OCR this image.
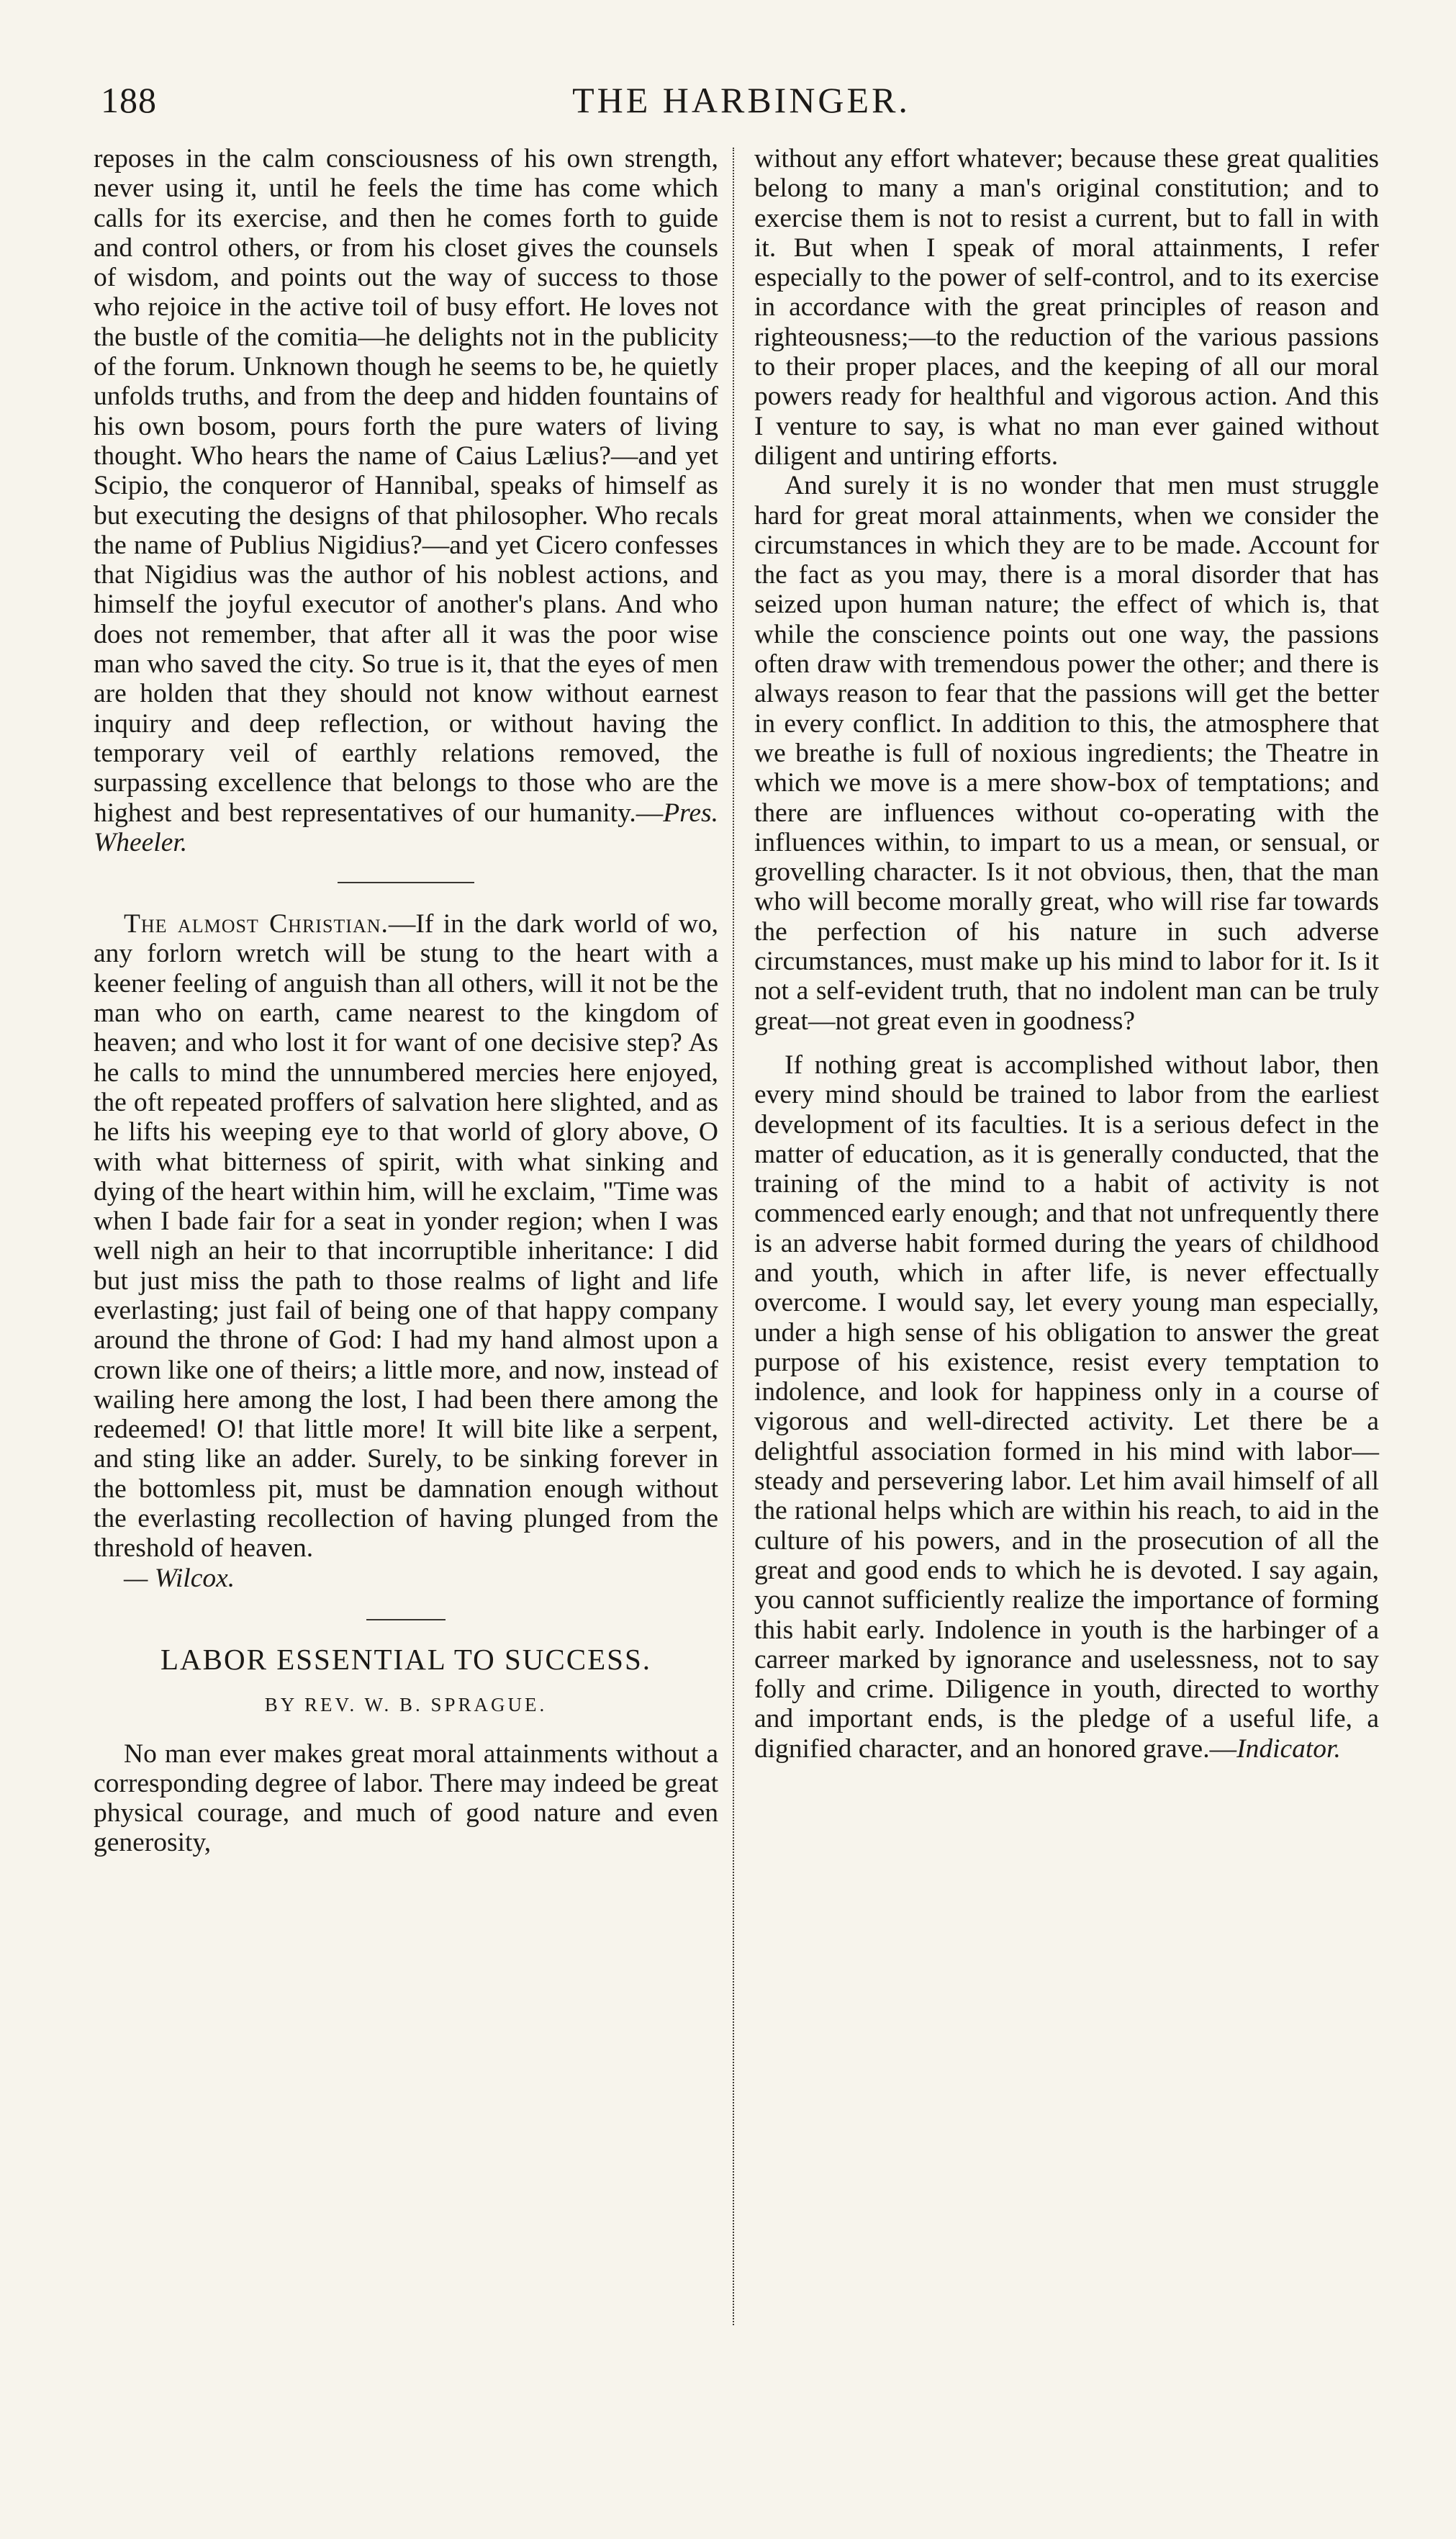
188	THE HARBINGER.

reposes in the calm consciousness of his own strength, never using it, until he feels the time has come which calls for its exercise, and then he comes forth to guide and control others, or from his closet gives the counsels of wisdom, and points out the way of success to those who rejoice in the active toil of busy effort. He loves not the bustle of the comitia—he delights not in the publicity of the forum. Unknown though he seems to be, he quietly unfolds truths, and from the deep and hidden fountains of his own bosom, pours forth the pure waters of living thought. Who hears the name of Caius Lælius?—and yet Scipio, the conqueror of Hannibal, speaks of himself as but executing the designs of that philosopher. Who recals the name of Publius Nigidius?—and yet Cicero confesses that Nigidius was the author of his noblest actions, and himself the joyful executor of another's plans. And who does not remember, that after all it was the poor wise man who saved the city. So true is it, that the eyes of men are holden that they should not know without earnest inquiry and deep reflection, or without having the temporary veil of earthly relations removed, the surpassing excellence that belongs to those who are the highest and best representatives of our humanity.—Pres. Wheeler.

The almost Christian.—If in the dark world of wo, any forlorn wretch will be stung to the heart with a keener feeling of anguish than all others, will it not be the man who on earth, came nearest to the kingdom of heaven; and who lost it for want of one decisive step? As he calls to mind the unnumbered mercies here enjoyed, the oft repeated proffers of salvation here slighted, and as he lifts his weeping eye to that world of glory above, O with what bitterness of spirit, with what sinking and dying of the heart within him, will he exclaim, "Time was when I bade fair for a seat in yonder region; when I was well nigh an heir to that incorruptible inheritance: I did but just miss the path to those realms of light and life everlasting; just fail of being one of that happy company around the throne of God: I had my hand almost upon a crown like one of theirs; a little more, and now, instead of wailing here among the lost, I had been there among the redeemed! O! that little more! It will bite like a serpent, and sting like an adder. Surely, to be sinking forever in the bottomless pit, must be damnation enough without the everlasting recollection of having plunged from the threshold of heaven.

— Wilcox.

LABOR ESSENTIAL TO SUCCESS.
BY REV. W. B. SPRAGUE.

No man ever makes great moral attainments without a corresponding degree of labor. There may indeed be great physical courage, and much of good nature and even generosity,

without any effort whatever; because these great qualities belong to many a man's original constitution; and to exercise them is not to resist a current, but to fall in with it. But when I speak of moral attainments, I refer especially to the power of self-control, and to its exercise in accordance with the great principles of reason and righteousness;—to the reduction of the various passions to their proper places, and the keeping of all our moral powers ready for healthful and vigorous action. And this I venture to say, is what no man ever gained without diligent and untiring efforts.

And surely it is no wonder that men must struggle hard for great moral attainments, when we consider the circumstances in which they are to be made. Account for the fact as you may, there is a moral disorder that has seized upon human nature; the effect of which is, that while the conscience points out one way, the passions often draw with tremendous power the other; and there is always reason to fear that the passions will get the better in every conflict. In addition to this, the atmosphere that we breathe is full of noxious ingredients; the Theatre in which we move is a mere show-box of temptations; and there are influences without co-operating with the influences within, to impart to us a mean, or sensual, or grovelling character. Is it not obvious, then, that the man who will become morally great, who will rise far towards the perfection of his nature in such adverse circumstances, must make up his mind to labor for it. Is it not a self-evident truth, that no indolent man can be truly great—not great even in goodness?

If nothing great is accomplished without labor, then every mind should be trained to labor from the earliest development of its faculties. It is a serious defect in the matter of education, as it is generally conducted, that the training of the mind to a habit of activity is not commenced early enough; and that not unfrequently there is an adverse habit formed during the years of childhood and youth, which in after life, is never effectually overcome. I would say, let every young man especially, under a high sense of his obligation to answer the great purpose of his existence, resist every temptation to indolence, and look for happiness only in a course of vigorous and well-directed activity. Let there be a delightful association formed in his mind with labor—steady and persevering labor. Let him avail himself of all the rational helps which are within his reach, to aid in the culture of his powers, and in the prosecution of all the great and good ends to which he is devoted. I say again, you cannot sufficiently realize the importance of forming this habit early. Indolence in youth is the harbinger of a carreer marked by ignorance and uselessness, not to say folly and crime. Diligence in youth, directed to worthy and important ends, is the pledge of a useful life, a dignified character, and an honored grave.—Indicator.
